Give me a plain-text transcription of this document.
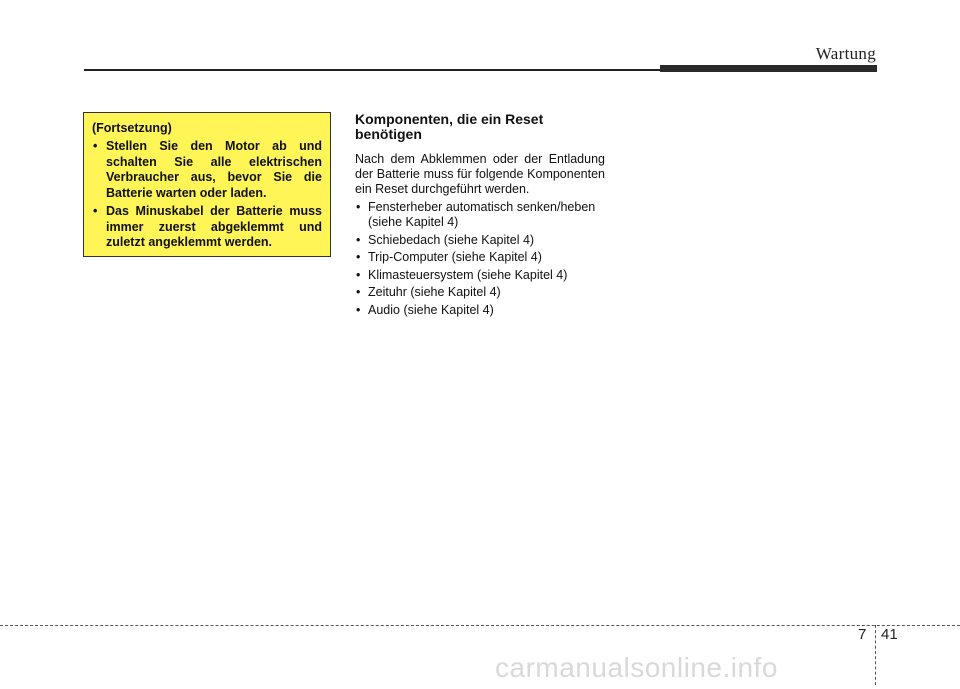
Wartung
(Fortsetzung)
• Stellen Sie den Motor ab und schalten Sie alle elektrischen Verbraucher aus, bevor Sie die Batterie warten oder laden.
• Das Minuskabel der Batterie muss immer zuerst abgeklemmt und zuletzt angeklemmt werden.
Komponenten, die ein Reset benötigen

Nach dem Abklemmen oder der Entladung der Batterie muss für folgende Komponenten ein Reset durchgeführt werden.

• Fensterheber automatisch senken/heben (siehe Kapitel 4)
• Schiebedach (siehe Kapitel 4)
• Trip-Computer (siehe Kapitel 4)
• Klimasteuersystem (siehe Kapitel 4)
• Zeituhr (siehe Kapitel 4)
• Audio (siehe Kapitel 4)
7 41
carmanualsonline.info
